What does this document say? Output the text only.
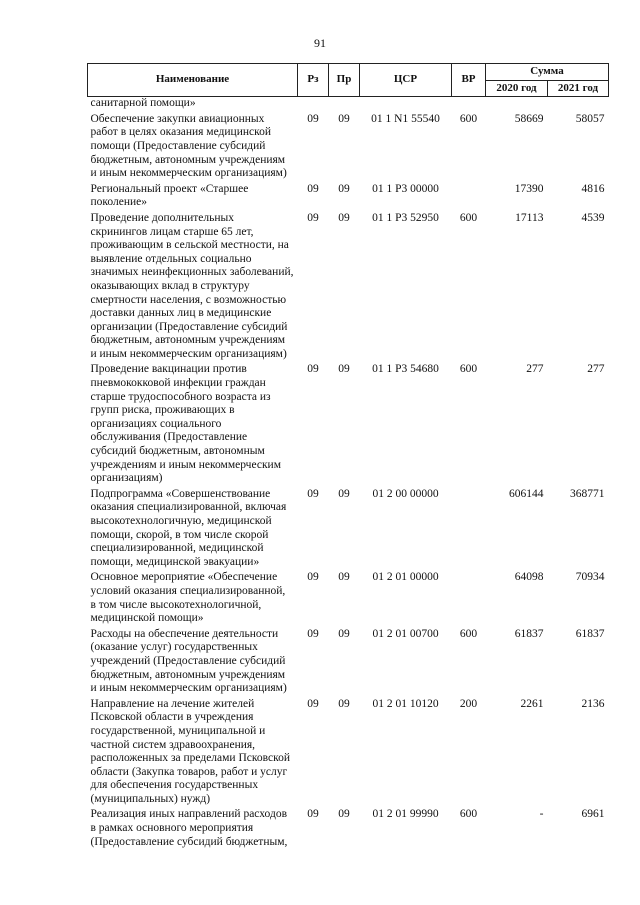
91
Наименование	Рз	Пр	ЦСР	ВР	Сумма	
					2020 год	2021 год
санитарной помощи»						
Обеспечение закупки авиационных работ в целях оказания медицинской помощи (Предоставление субсидий бюджетным, автономным учреждениям и иным некоммерческим организациям)	09	09	01 1 N1 55540	600	58669	58057
Региональный проект «Старшее поколение»	09	09	01 1 P3 00000		17390	4816
Проведение дополнительных скринингов лицам старше 65 лет, проживающим в сельской местности, на выявление отдельных социально значимых неинфекционных заболеваний, оказывающих вклад в структуру смертности населения, с возможностью доставки данных лиц в медицинские организации (Предоставление субсидий бюджетным, автономным учреждениям и иным некоммерческим организациям)	09	09	01 1 P3 52950	600	17113	4539
Проведение вакцинации против пневмококковой инфекции граждан старше трудоспособного возраста из групп риска, проживающих в организациях социального обслуживания (Предоставление субсидий бюджетным, автономным учреждениям и иным некоммерческим организациям)	09	09	01 1 P3 54680	600	277	277
Подпрограмма «Совершенствование оказания специализированной, включая высокотехнологичную, медицинской помощи, скорой, в том числе скорой специализированной, медицинской помощи, медицинской эвакуации»	09	09	01 2 00 00000		606144	368771
Основное мероприятие «Обеспечение условий оказания специализированной, в том числе высокотехнологичной, медицинской помощи»	09	09	01 2 01 00000		64098	70934
Расходы на обеспечение деятельности (оказание услуг) государственных учреждений (Предоставление субсидий бюджетным, автономным учреждениям и иным некоммерческим организациям)	09	09	01 2 01 00700	600	61837	61837
Направление на лечение жителей Псковской области в учреждения государственной, муниципальной и частной систем здравоохранения, расположенных за пределами Псковской области (Закупка товаров, работ и услуг для обеспечения государственных (муниципальных) нужд)	09	09	01 2 01 10120	200	2261	2136
Реализация иных направлений расходов в рамках основного мероприятия (Предоставление субсидий бюджетным,	09	09	01 2 01 99990	600	-	6961
